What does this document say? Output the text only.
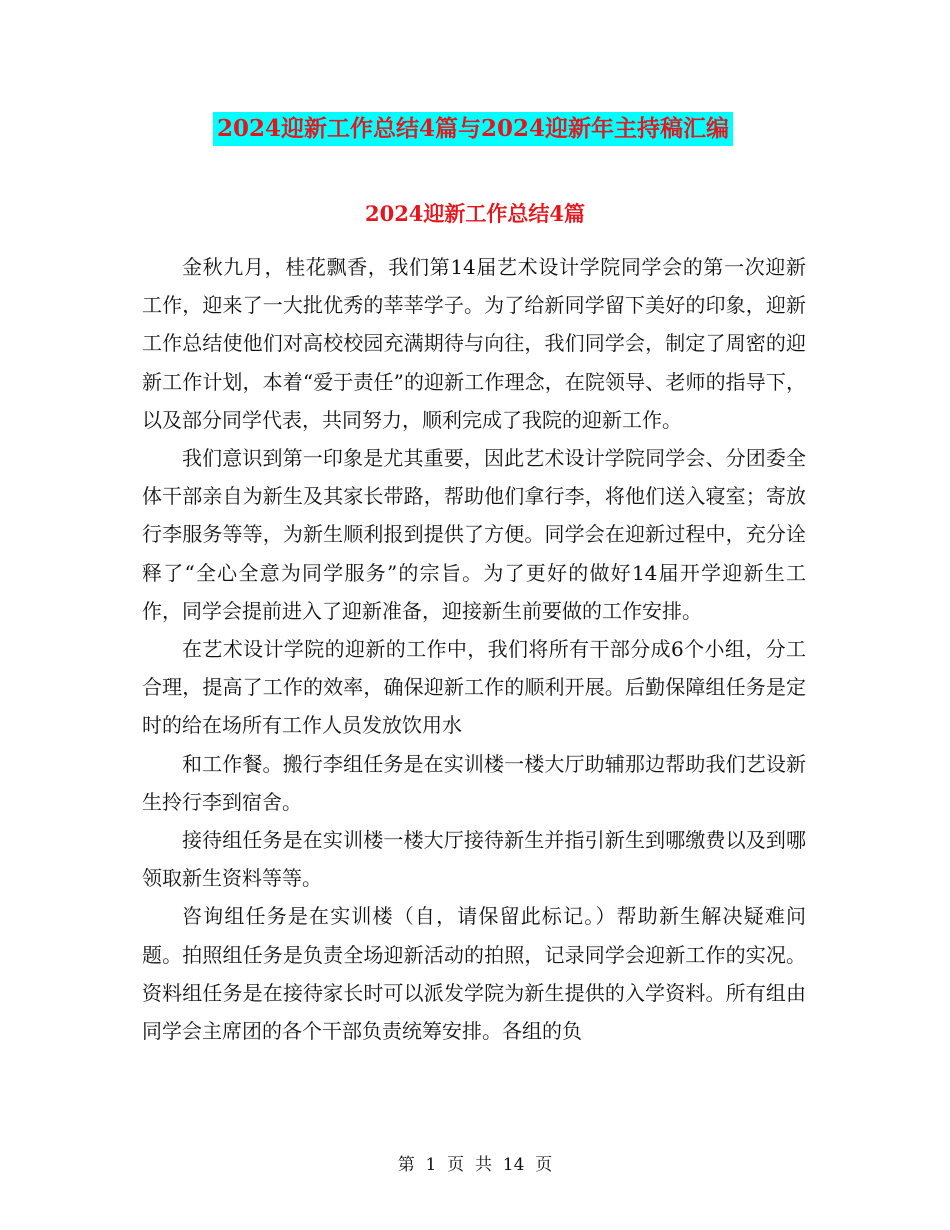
2024迎新工作总结4篇与2024迎新年主持稿汇编
2024迎新工作总结4篇

金秋九月，桂花飘香，我们第14届艺术设计学院同学会的第一次迎新工作，迎来了一大批优秀的莘莘学子。为了给新同学留下美好的印象，迎新工作总结使他们对高校校园充满期待与向往，我们同学会，制定了周密的迎新工作计划，本着“爱于责任”的迎新工作理念，在院领导、老师的指导下，以及部分同学代表，共同努力，顺利完成了我院的迎新工作。

我们意识到第一印象是尤其重要，因此艺术设计学院同学会、分团委全体干部亲自为新生及其家长带路，帮助他们拿行李，将他们送入寝室；寄放行李服务等等，为新生顺利报到提供了方便。同学会在迎新过程中，充分诠释了“全心全意为同学服务”的宗旨。为了更好的做好14届开学迎新生工作，同学会提前进入了迎新准备，迎接新生前要做的工作安排。

在艺术设计学院的迎新的工作中，我们将所有干部分成6个小组，分工合理，提高了工作的效率，确保迎新工作的顺利开展。后勤保障组任务是定时的给在场所有工作人员发放饮用水

和工作餐。搬行李组任务是在实训楼一楼大厅助辅那边帮助我们艺设新生拎行李到宿舍。

接待组任务是在实训楼一楼大厅接待新生并指引新生到哪缴费以及到哪领取新生资料等等。

咨询组任务是在实训楼（自，请保留此标记。）帮助新生解决疑难问题。拍照组任务是负责全场迎新活动的拍照，记录同学会迎新工作的实况。资料组任务是在接待家长时可以派发学院为新生提供的入学资料。所有组由同学会主席团的各个干部负责统筹安排。各组的负

第  1  页  共  14  页
